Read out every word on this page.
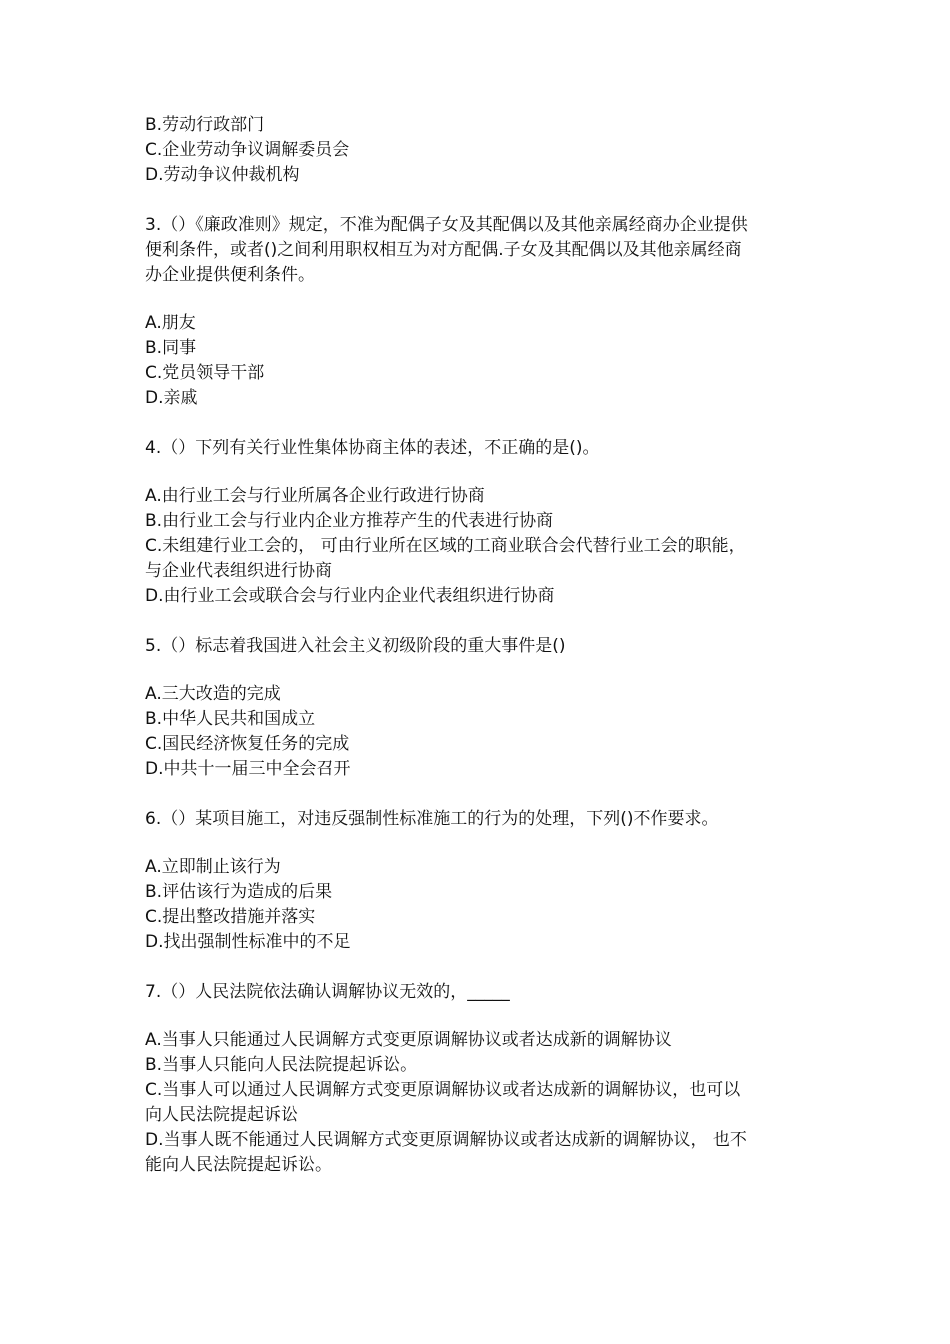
B.劳动行政部门
C.企业劳动争议调解委员会
D.劳动争议仲裁机构
3.（）《廉政准则》规定，不准为配偶子女及其配偶以及其他亲属经商办企业提供
便利条件，或者()之间利用职权相互为对方配偶.子女及其配偶以及其他亲属经商
办企业提供便利条件。
A.朋友
B.同事
C.党员领导干部
D.亲戚
4.（）下列有关行业性集体协商主体的表述，不正确的是()。
A.由行业工会与行业所属各企业行政进行协商
B.由行业工会与行业内企业方推荐产生的代表进行协商
C.未组建行业工会的， 可由行业所在区域的工商业联合会代替行业工会的职能，
与企业代表组织进行协商
D.由行业工会或联合会与行业内企业代表组织进行协商
5.（）标志着我国进入社会主义初级阶段的重大事件是()
A.三大改造的完成
B.中华人民共和国成立
C.国民经济恢复任务的完成
D.中共十一届三中全会召开
6.（）某项目施工，对违反强制性标准施工的行为的处理，下列()不作要求。
A.立即制止该行为
B.评估该行为造成的后果
C.提出整改措施并落实
D.找出强制性标准中的不足
7.（）人民法院依法确认调解协议无效的，_____
A.当事人只能通过人民调解方式变更原调解协议或者达成新的调解协议
B.当事人只能向人民法院提起诉讼。
C.当事人可以通过人民调解方式变更原调解协议或者达成新的调解协议，也可以
向人民法院提起诉讼
D.当事人既不能通过人民调解方式变更原调解协议或者达成新的调解协议， 也不
能向人民法院提起诉讼。
